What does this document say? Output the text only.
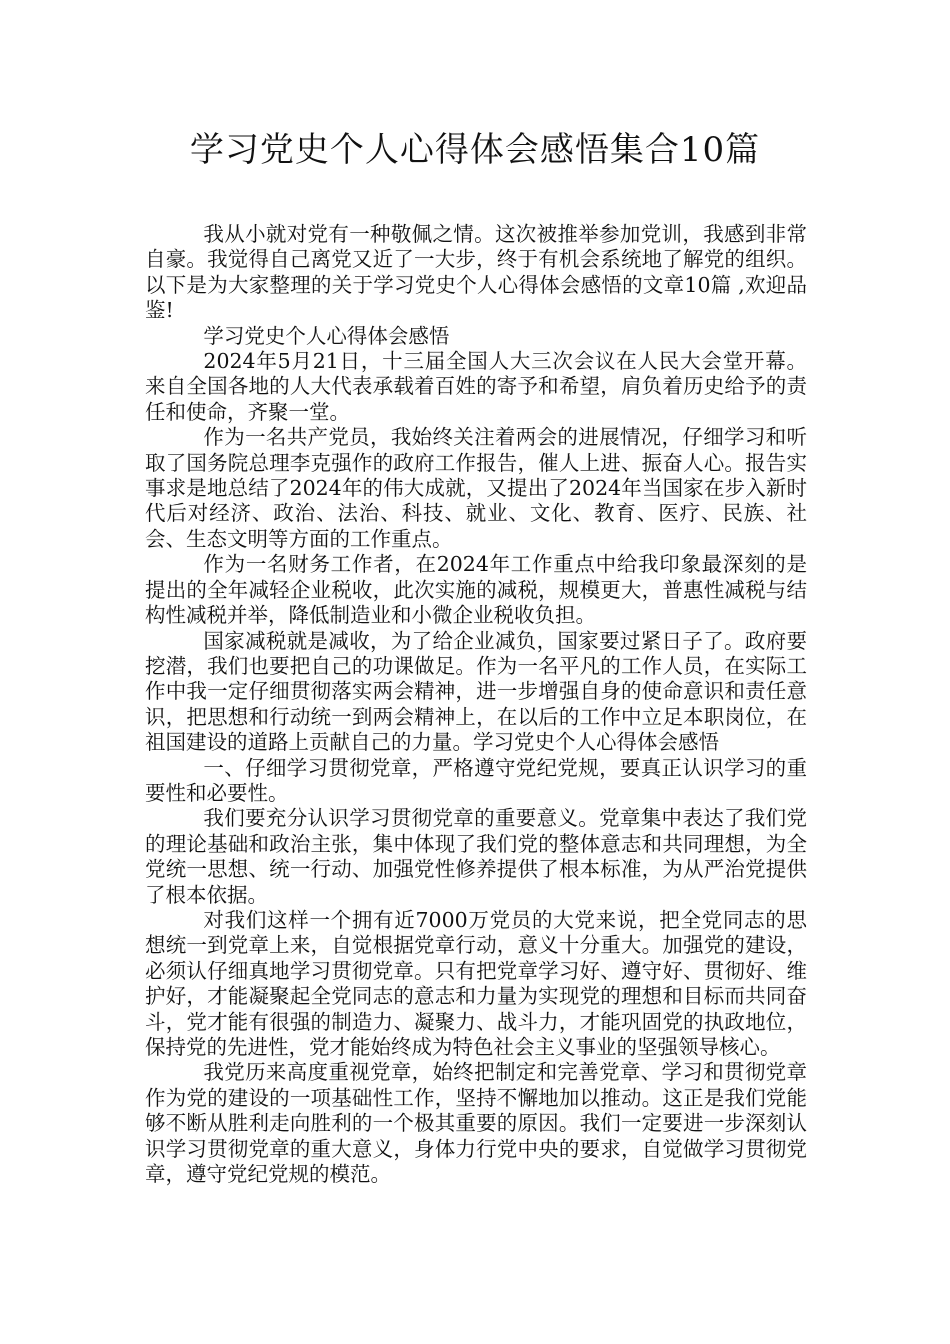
学习党史个人心得体会感悟集合10篇

我从小就对党有一种敬佩之情。这次被推举参加党训，我感到非常自豪。我觉得自己离党又近了一大步，终于有机会系统地了解党的组织。 以下是为大家整理的关于学习党史个人心得体会感悟的文章10篇 ,欢迎品鉴!

学习党史个人心得体会感悟

2024年5月21日，十三届全国人大三次会议在人民大会堂开幕。来自全国各地的人大代表承载着百姓的寄予和希望，肩负着历史给予的责任和使命，齐聚一堂。

作为一名共产党员，我始终关注着两会的进展情况，仔细学习和听取了国务院总理李克强作的政府工作报告，催人上进、振奋人心。报告实事求是地总结了2024年的伟大成就，又提出了2024年当国家在步入新时代后对经济、政治、法治、科技、就业、文化、教育、医疗、民族、社会、生态文明等方面的工作重点。

作为一名财务工作者，在2024年工作重点中给我印象最深刻的是提出的全年减轻企业税收，此次实施的减税，规模更大，普惠性减税与结构性减税并举，降低制造业和小微企业税收负担。

国家减税就是减收，为了给企业减负，国家要过紧日子了。政府要挖潜，我们也要把自己的功课做足。作为一名平凡的工作人员，在实际工作中我一定仔细贯彻落实两会精神，进一步增强自身的使命意识和责任意识，把思想和行动统一到两会精神上，在以后的工作中立足本职岗位，在祖国建设的道路上贡献自己的力量。学习党史个人心得体会感悟

一、仔细学习贯彻党章，严格遵守党纪党规，要真正认识学习的重要性和必要性。

我们要充分认识学习贯彻党章的重要意义。党章集中表达了我们党的理论基础和政治主张，集中体现了我们党的整体意志和共同理想，为全党统一思想、统一行动、加强党性修养提供了根本标准，为从严治党提供了根本依据。

对我们这样一个拥有近7000万党员的大党来说，把全党同志的思想统一到党章上来，自觉根据党章行动，意义十分重大。加强党的建设，必须认仔细真地学习贯彻党章。只有把党章学习好、遵守好、贯彻好、维护好，才能凝聚起全党同志的意志和力量为实现党的理想和目标而共同奋斗，党才能有很强的制造力、凝聚力、战斗力，才能巩固党的执政地位，保持党的先进性，党才能始终成为特色社会主义事业的坚强领导核心。

我党历来高度重视党章，始终把制定和完善党章、学习和贯彻党章作为党的建设的一项基础性工作，坚持不懈地加以推动。这正是我们党能够不断从胜利走向胜利的一个极其重要的原因。我们一定要进一步深刻认识学习贯彻党章的重大意义，身体力行党中央的要求，自觉做学习贯彻党章，遵守党纪党规的模范。
